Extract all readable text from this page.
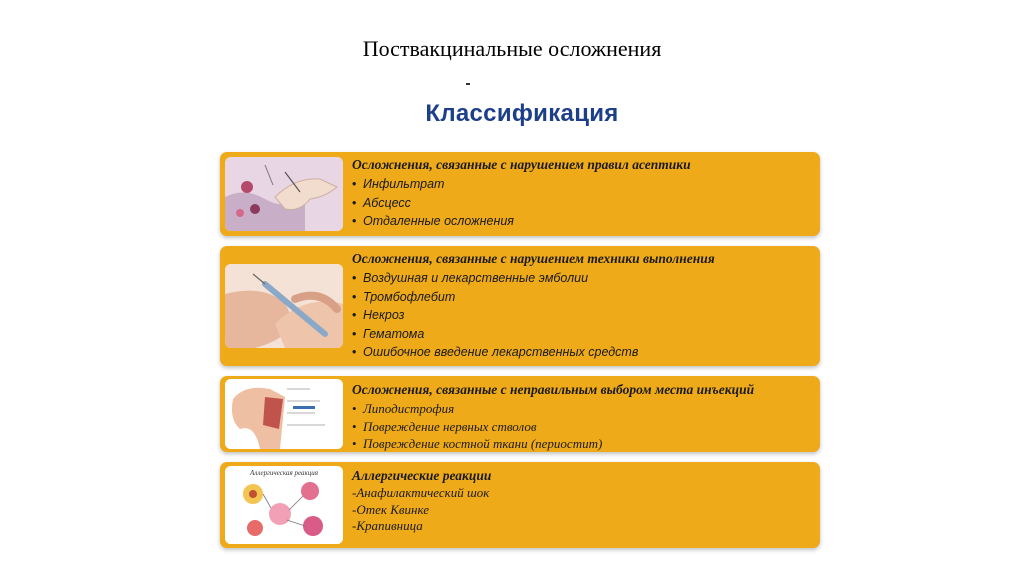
Поствакцинальные осложнения
Классификация
Осложнения, связанные с нарушением правил асептики
• Инфильтрат
• Абсцесс
• Отдаленные осложнения
Осложнения, связанные с нарушением техники выполнения
• Воздушная и лекарственные эмболии
• Тромбофлебит
• Некроз
• Гематома
• Ошибочное введение лекарственных средств
Осложнения, связанные с неправильным выбором места инъекций
• Липодистрофия
• Повреждение нервных стволов
• Повреждение костной ткани (периостит)
Аллергическая реакция	Аллергические реакции
- Анафилактический шок
- Отек Квинке
- Крапивница
